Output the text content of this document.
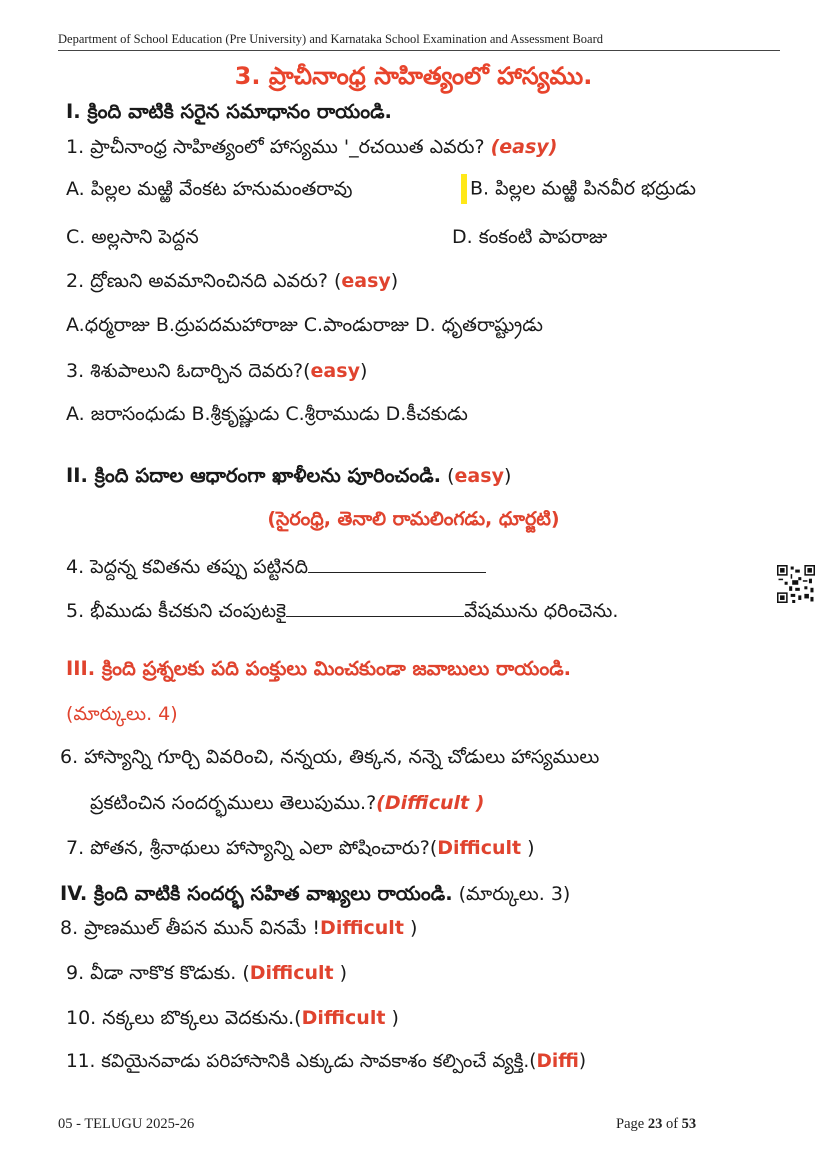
Department of School Education (Pre University) and Karnataka School Examination and Assessment Board
3. ప్రాచీనాంధ్ర సాహిత్యంలో హాస్యము.
I. క్రింది వాటికి సరైన సమాధానం రాయండి.
1. ప్రాచీనాంధ్ర సాహిత్యంలో హాస్యము '_రచయిత ఎవరు? (easy)
A. పిల్లల మఱ్ఱి వేంకట హనుమంతరావు	B. పిల్లల మఱ్ఱి పినవీర భద్రుడు
C. అల్లసాని పెద్దన	D. కంకంటి పాపరాజు
2. ద్రోణుని అవమానించినది ఎవరు? (easy)
A.ధర్మరాజు B.ద్రుపదమహారాజు C.పాండురాజు D. ధృతరాష్ట్రుడు
3. శిశుపాలుని ఓదార్చిన దెవరు?(easy)
A. జరాసంధుడు B.శ్రీకృష్ణుడు C.శ్రీరాముడు D.కీచకుడు
II. క్రింది పదాల ఆధారంగా ఖాళీలను పూరించండి. (easy)
(సైరంధ్రి, తెనాలి రామలింగడు, ధూర్జటి)
4. పెద్దన్న కవితను తప్పు పట్టినది
5. భీముడు కీచకుని చంపుటకై	వేషమును ధరించెను.
III. క్రింది ప్రశ్నలకు పది పంక్తులు మించకుండా జవాబులు రాయండి.
(మార్కులు. 4)
6. హాస్యాన్ని గూర్చి వివరించి, నన్నయ, తిక్కన, నన్నె చోడులు హాస్యములు
ప్రకటించిన సందర్భములు తెలుపుము.?(Difficult )
7. పోతన, శ్రీనాథులు హాస్యాన్ని ఎలా పోషించారు?(Difficult )
IV. క్రింది వాటికి సందర్భ సహిత వాఖ్యలు రాయండి. (మార్కులు. 3)
8. ప్రాణముల్ తీపన మున్ వినమే !Difficult )
9. వీడా నాకొక కొడుకు. (Difficult )
10. నక్కలు బొక్కలు వెదకును.(Difficult )
11. కవియైనవాడు పరిహాసానికి ఎక్కుడు సావకాశం కల్పించే వ్యక్తి.(Diffi)
05 - TELUGU 2025-26	Page 23 of 53
